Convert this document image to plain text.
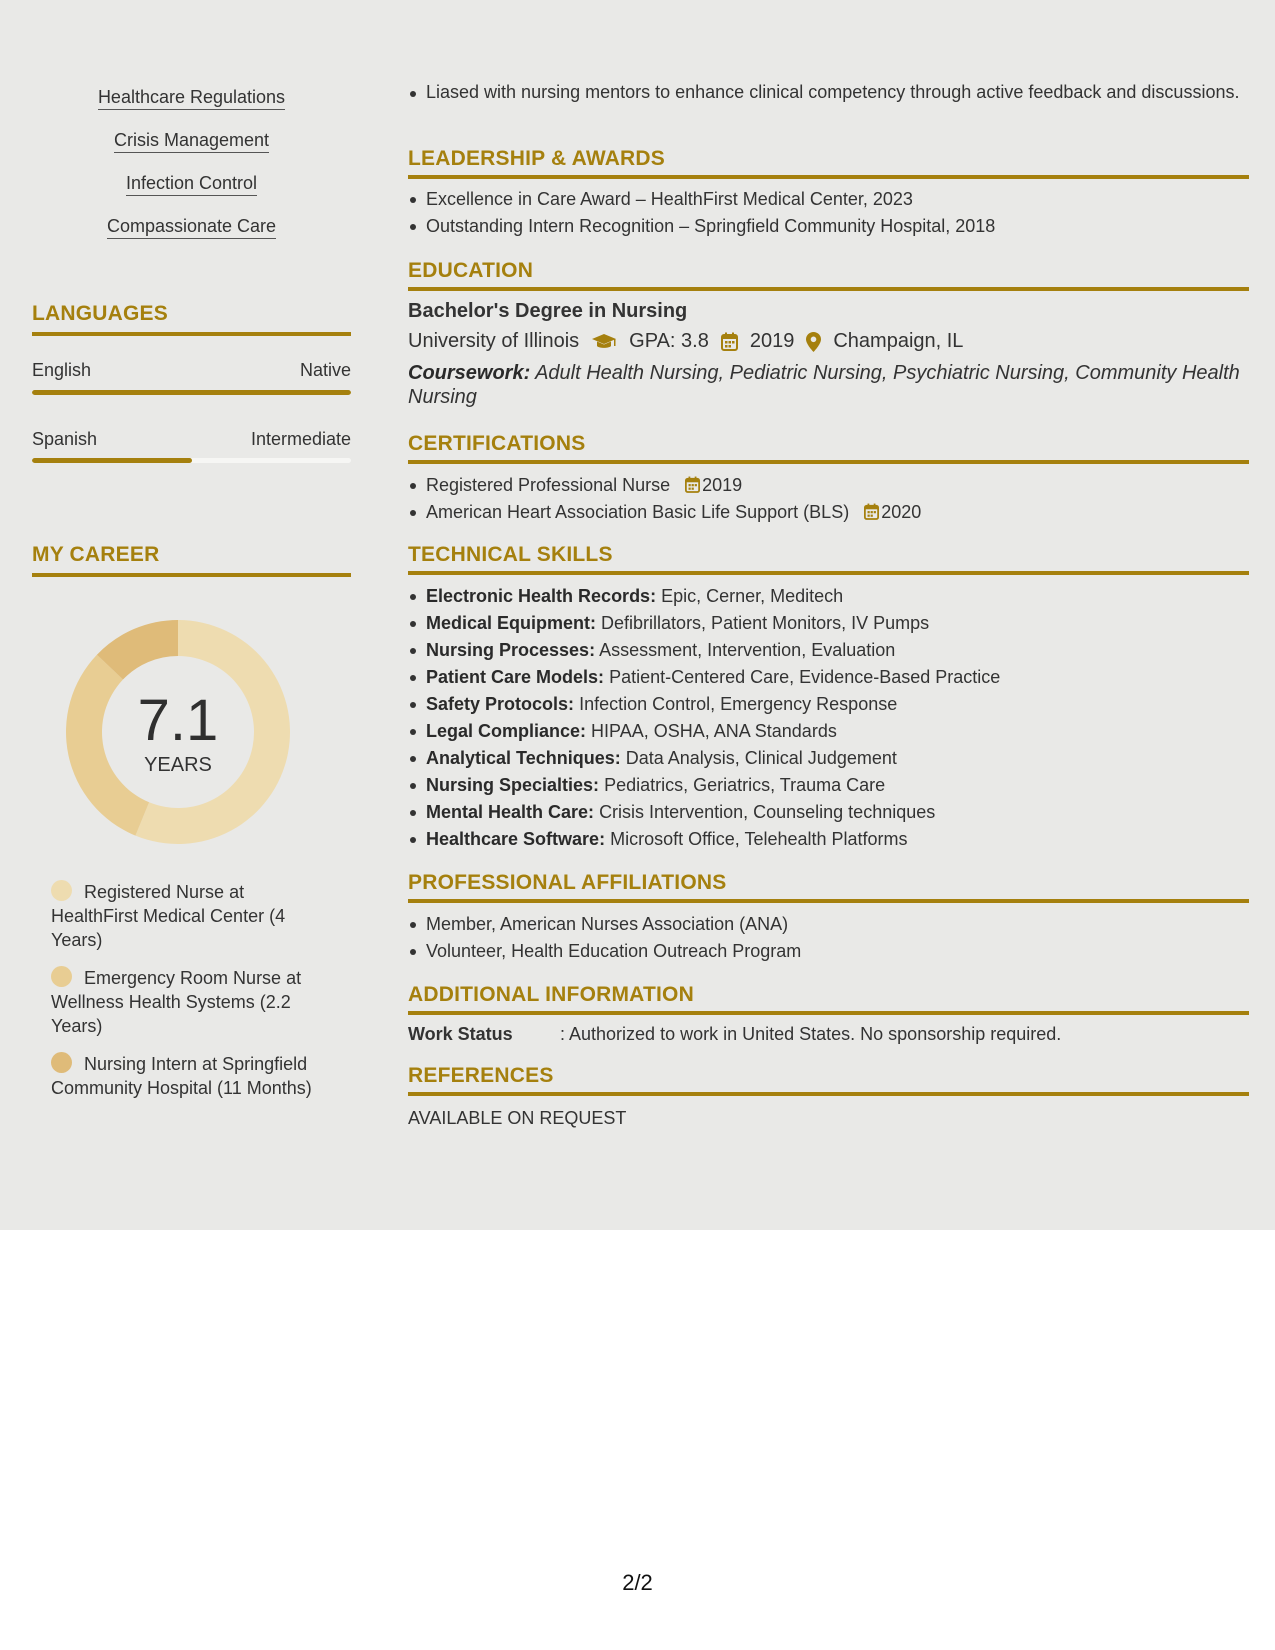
Healthcare Regulations
Crisis Management
Infection Control
Compassionate Care
LANGUAGES
English	Native
Spanish	Intermediate
MY CAREER
7.1
YEARS
Registered Nurse at HealthFirst Medical Center (4 Years)
Emergency Room Nurse at Wellness Health Systems (2.2 Years)
Nursing Intern at Springfield Community Hospital (11 Months)
Liased with nursing mentors to enhance clinical competency through active feedback and discussions.
LEADERSHIP & AWARDS
Excellence in Care Award – HealthFirst Medical Center, 2023
Outstanding Intern Recognition – Springfield Community Hospital, 2018
EDUCATION
Bachelor's Degree in Nursing
University of Illinois	GPA: 3.8 2019 Champaign, IL
Coursework: Adult Health Nursing, Pediatric Nursing, Psychiatric Nursing, Community Health Nursing
CERTIFICATIONS
Registered Professional Nurse 2019
American Heart Association Basic Life Support (BLS) 2020
TECHNICAL SKILLS
Electronic Health Records: Epic, Cerner, Meditech
Medical Equipment: Defibrillators, Patient Monitors, IV Pumps
Nursing Processes: Assessment, Intervention, Evaluation
Patient Care Models: Patient-Centered Care, Evidence-Based Practice
Safety Protocols: Infection Control, Emergency Response
Legal Compliance: HIPAA, OSHA, ANA Standards
Analytical Techniques: Data Analysis, Clinical Judgement
Nursing Specialties: Pediatrics, Geriatrics, Trauma Care
Mental Health Care: Crisis Intervention, Counseling techniques
Healthcare Software: Microsoft Office, Telehealth Platforms
PROFESSIONAL AFFILIATIONS
Member, American Nurses Association (ANA)
Volunteer, Health Education Outreach Program
ADDITIONAL INFORMATION
Work Status	: Authorized to work in United States. No sponsorship required.
REFERENCES
AVAILABLE ON REQUEST
2/2
